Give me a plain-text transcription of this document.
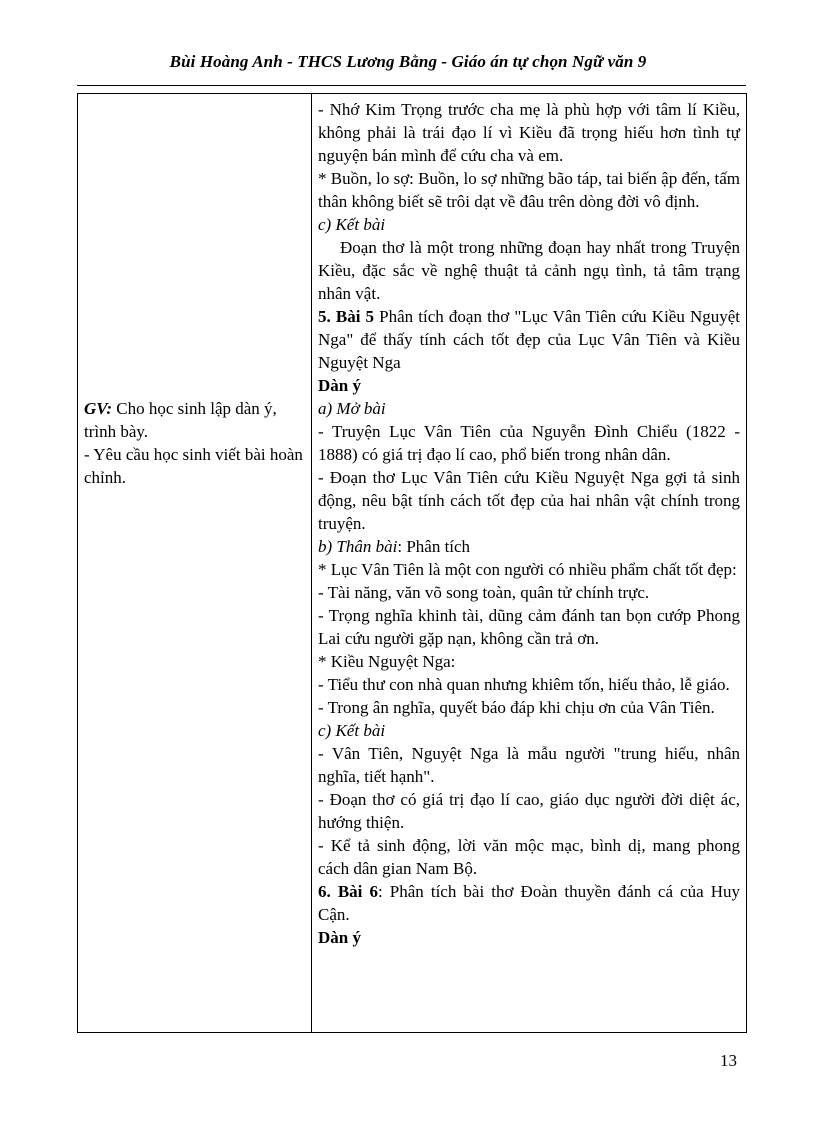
Bùi Hoàng Anh - THCS Lương Bằng - Giáo án tự chọn Ngữ văn 9

GV: Cho học sinh lập dàn ý, trình bày.

- Yêu cầu học sinh viết bài hoàn chỉnh.

- Nhớ Kim Trọng trước cha mẹ là phù hợp với tâm lí Kiều, không phải là trái đạo lí vì Kiều đã trọng hiếu hơn tình tự nguyện bán mình để cứu cha và em.

* Buồn, lo sợ: Buồn, lo sợ những bão táp, tai biến ập đến, tấm thân không biết sẽ trôi dạt về đâu trên dòng đời vô định.

c) Kết bài

Đoạn thơ là một trong những đoạn hay nhất trong Truyện Kiều, đặc sắc về nghệ thuật tả cảnh ngụ tình, tả tâm trạng nhân vật.

5. Bài 5 Phân tích đoạn thơ "Lục Vân Tiên cứu Kiều Nguyệt Nga" để thấy tính cách tốt đẹp của Lục Vân Tiên và Kiều Nguyệt Nga

Dàn ý

a) Mở bài

- Truyện Lục Vân Tiên của Nguyễn Đình Chiểu (1822 - 1888) có giá trị đạo lí cao, phổ biến trong nhân dân.

- Đoạn thơ Lục Vân Tiên cứu Kiều Nguyệt Nga gợi tả sinh động, nêu bật tính cách tốt đẹp của hai nhân vật chính trong truyện.

b) Thân bài: Phân tích

* Lục Vân Tiên là một con người có nhiều phẩm chất tốt đẹp:

- Tài năng, văn võ song toàn, quân tử chính trực.

- Trọng nghĩa khinh tài, dũng cảm đánh tan bọn cướp Phong Lai cứu người gặp nạn, không cần trả ơn.

* Kiều Nguyệt Nga:

- Tiểu thư con nhà quan nhưng khiêm tốn, hiếu thảo, lễ giáo.

- Trong ân nghĩa, quyết báo đáp khi chịu ơn của Vân Tiên.

c) Kết bài

- Vân Tiên, Nguyệt Nga là mẫu người "trung hiếu, nhân nghĩa, tiết hạnh".

- Đoạn thơ có giá trị đạo lí cao, giáo dục người đời diệt ác, hướng thiện.

- Kể tả sinh động, lời văn mộc mạc, bình dị, mang phong cách dân gian Nam Bộ.

6. Bài 6: Phân tích bài thơ Đoàn thuyền đánh cá của Huy Cận.

Dàn ý

13
